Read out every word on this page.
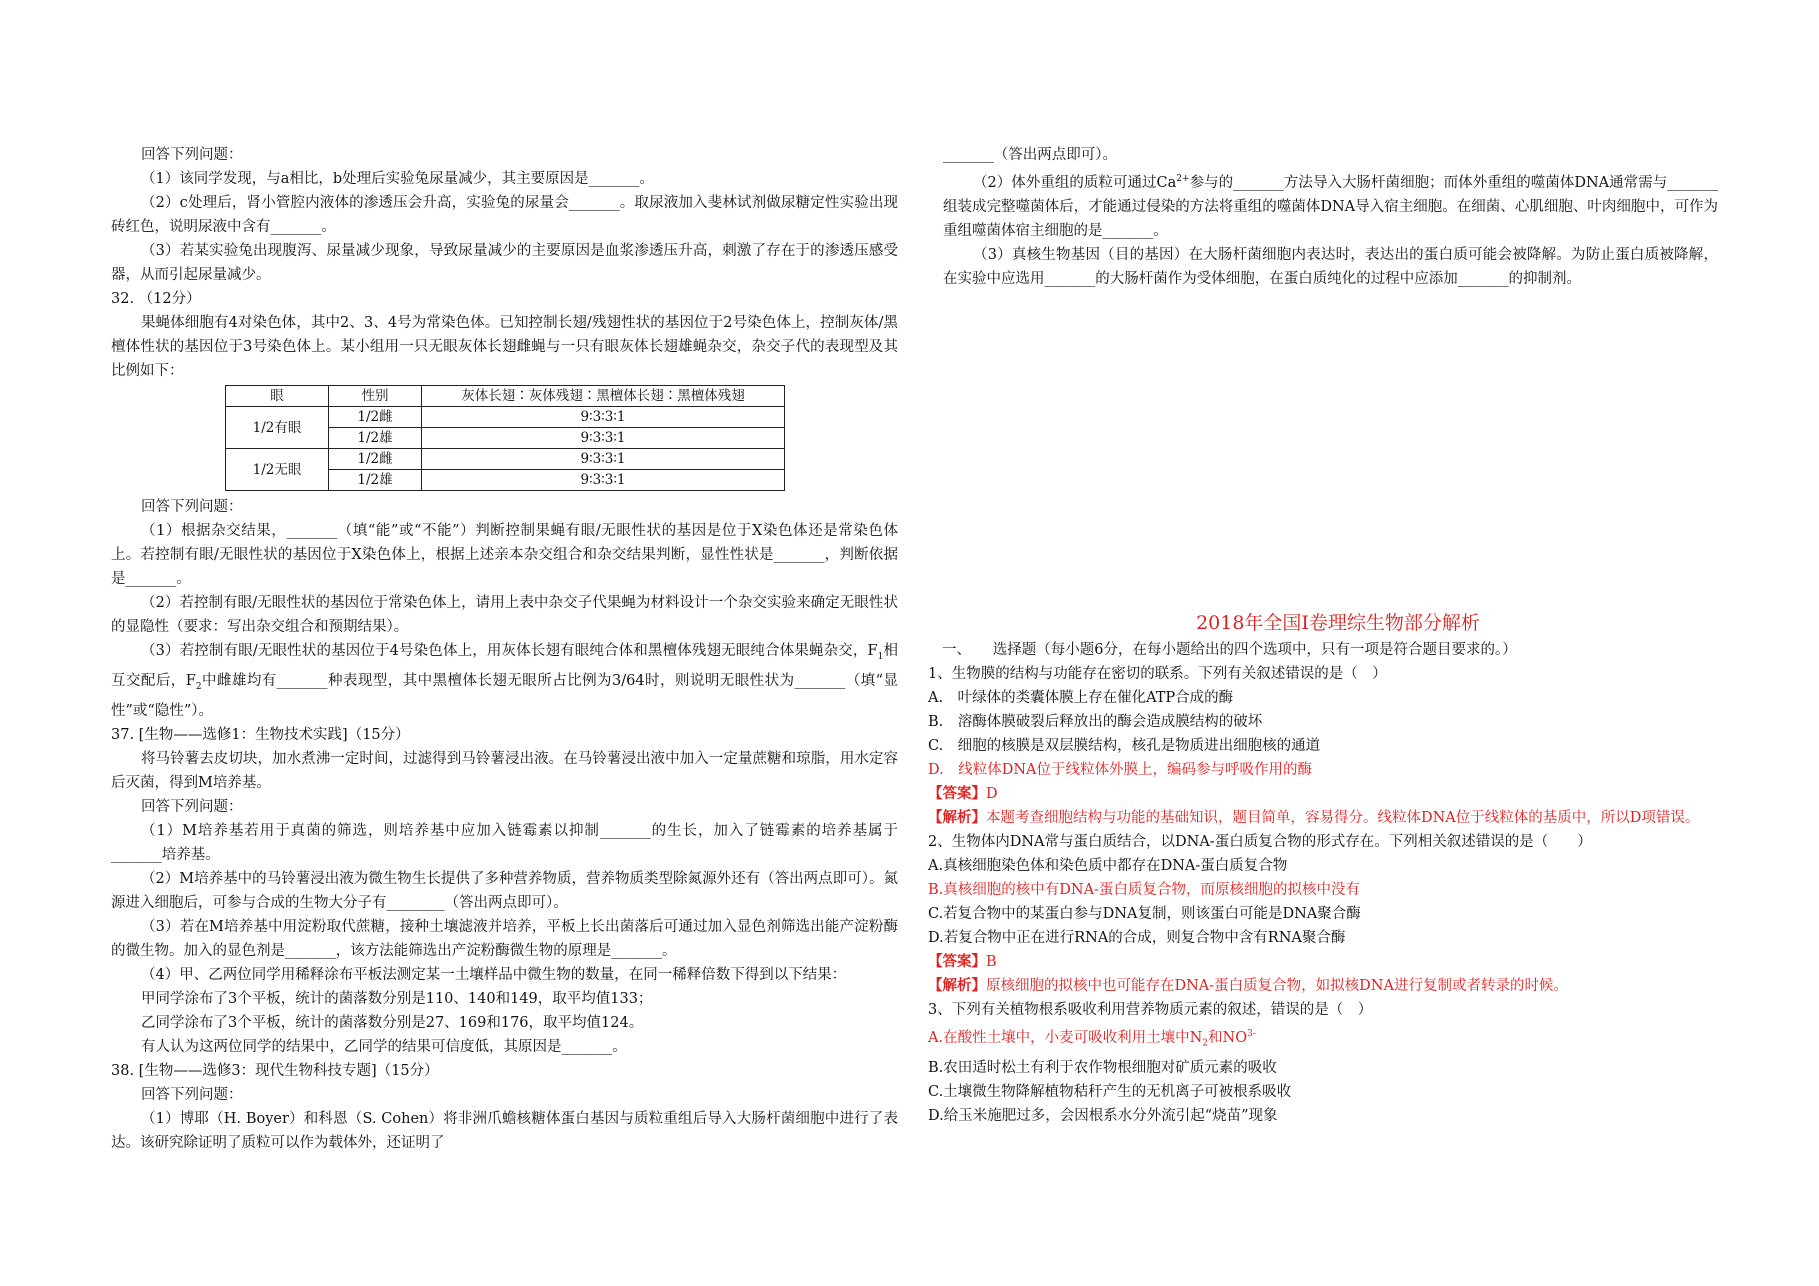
回答下列问题：

（1）该同学发现，与a相比，b处理后实验兔尿量减少，其主要原因是_______。

（2）c处理后，肾小管腔内液体的渗透压会升高，实验兔的尿量会_______。取尿液加入斐林试剂做尿糖定性实验出现砖红色，说明尿液中含有_______。

（3）若某实验兔出现腹泻、尿量减少现象，导致尿量减少的主要原因是血浆渗透压升高，刺激了存在于的渗透压感受器，从而引起尿量减少。

32. （12分）

果蝇体细胞有4对染色体，其中2、3、4号为常染色体。已知控制长翅/残翅性状的基因位于2号染色体上，控制灰体/黑檀体性状的基因位于3号染色体上。某小组用一只无眼灰体长翅雌蝇与一只有眼灰体长翅雄蝇杂交，杂交子代的表现型及其比例如下：

眼	性别	灰体长翅∶灰体残翅∶黑檀体长翅∶黑檀体残翅
1/2有眼	1/2雌	9∶3∶3∶1
	1/2雄	9∶3∶3∶1
1/2无眼	1/2雌	9∶3∶3∶1
	1/2雄	9∶3∶3∶1

回答下列问题：

（1）根据杂交结果，_______（填“能”或“不能”）判断控制果蝇有眼/无眼性状的基因是位于X染色体还是常染色体上。若控制有眼/无眼性状的基因位于X染色体上，根据上述亲本杂交组合和杂交结果判断，显性性状是_______，判断依据是_______。

（2）若控制有眼/无眼性状的基因位于常染色体上，请用上表中杂交子代果蝇为材料设计一个杂交实验来确定无眼性状的显隐性（要求：写出杂交组合和预期结果）。

（3）若控制有眼/无眼性状的基因位于4号染色体上，用灰体长翅有眼纯合体和黑檀体残翅无眼纯合体果蝇杂交，$F_1$相互交配后，$F_2$中雌雄均有_______种表现型，其中黑檀体长翅无眼所占比例为3/64时，则说明无眼性状为_______（填“显性”或“隐性”）。

37. [生物——选修1：生物技术实践]（15分）

将马铃薯去皮切块，加水煮沸一定时间，过滤得到马铃薯浸出液。在马铃薯浸出液中加入一定量蔗糖和琼脂，用水定容后灭菌，得到M培养基。

回答下列问题：

（1）M培养基若用于真菌的筛选，则培养基中应加入链霉素以抑制_______的生长，加入了链霉素的培养基属于_______培养基。

（2）M培养基中的马铃薯浸出液为微生物生长提供了多种营养物质，营养物质类型除氮源外还有（答出两点即可）。氮源进入细胞后，可参与合成的生物大分子有________（答出两点即可）。

（3）若在M培养基中用淀粉取代蔗糖，接种土壤滤液并培养，平板上长出菌落后可通过加入显色剂筛选出能产淀粉酶的微生物。加入的显色剂是_______，该方法能筛选出产淀粉酶微生物的原理是_______。

（4）甲、乙两位同学用稀释涂布平板法测定某一土壤样品中微生物的数量，在同一稀释倍数下得到以下结果：

甲同学涂布了3个平板，统计的菌落数分别是110、140和149，取平均值133；

乙同学涂布了3个平板，统计的菌落数分别是27、169和176，取平均值124。

有人认为这两位同学的结果中，乙同学的结果可信度低，其原因是_______。

38. [生物——选修3：现代生物科技专题]（15分）

回答下列问题：

（1）博耶（H. Boyer）和科恩（S. Cohen）将非洲爪蟾核糖体蛋白基因与质粒重组后导入大肠杆菌细胞中进行了表达。该研究除证明了质粒可以作为载体外，还证明了

_______（答出两点即可）。

（2）体外重组的质粒可通过$Ca^{2+}$参与的_______方法导入大肠杆菌细胞；而体外重组的噬菌体DNA通常需与_______组装成完整噬菌体后，才能通过侵染的方法将重组的噬菌体DNA导入宿主细胞。在细菌、心肌细胞、叶肉细胞中，可作为重组噬菌体宿主细胞的是_______。

（3）真核生物基因（目的基因）在大肠杆菌细胞内表达时，表达出的蛋白质可能会被降解。为防止蛋白质被降解，在实验中应选用_______的大肠杆菌作为受体细胞，在蛋白质纯化的过程中应添加_______的抑制剂。

2018年全国Ⅰ卷理综生物部分解析

一、　　选择题（每小题6分，在每小题给出的四个选项中，只有一项是符合题目要求的。）

1、生物膜的结构与功能存在密切的联系。下列有关叙述错误的是（　）

A.　叶绿体的类囊体膜上存在催化ATP合成的酶

B.　溶酶体膜破裂后释放出的酶会造成膜结构的破坏

C.　细胞的核膜是双层膜结构，核孔是物质进出细胞核的通道

D.　线粒体DNA位于线粒体外膜上，编码参与呼吸作用的酶

【答案】D

【解析】本题考查细胞结构与功能的基础知识，题目简单，容易得分。线粒体DNA位于线粒体的基质中，所以D项错误。

2、生物体内DNA常与蛋白质结合，以DNA-蛋白质复合物的形式存在。下列相关叙述错误的是（　　）

A.真核细胞染色体和染色质中都存在DNA-蛋白质复合物

B.真核细胞的核中有DNA-蛋白质复合物，而原核细胞的拟核中没有

C.若复合物中的某蛋白参与DNA复制，则该蛋白可能是DNA聚合酶

D.若复合物中正在进行RNA的合成，则复合物中含有RNA聚合酶

【答案】B

【解析】原核细胞的拟核中也可能存在DNA-蛋白质复合物，如拟核DNA进行复制或者转录的时候。

3、下列有关植物根系吸收利用营养物质元素的叙述，错误的是（　）

A.在酸性土壤中，小麦可吸收利用土壤中$N_2$和$NO^{3-}$

B.农田适时松土有利于农作物根细胞对矿质元素的吸收

C.土壤微生物降解植物秸秆产生的无机离子可被根系吸收

D.给玉米施肥过多，会因根系水分外流引起“烧苗”现象
